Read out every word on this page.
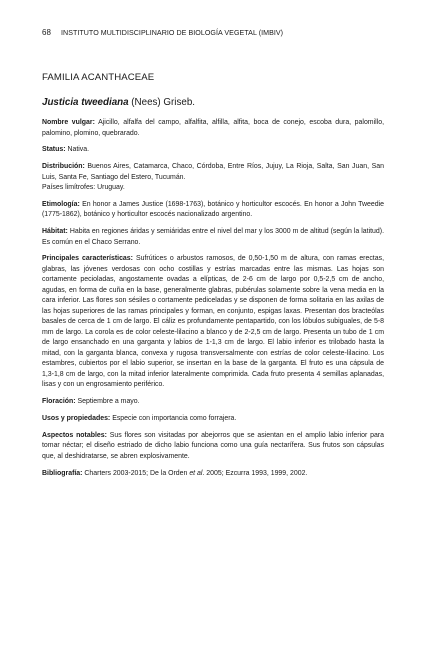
68 INSTITUTO MULTIDISCIPLINARIO DE BIOLOGÍA VEGETAL (IMBIV)
FAMILIA ACANTHACEAE
Justicia tweediana (Nees) Griseb.

Nombre vulgar: Ajicillo, alfalfa del campo, alfalfita, alfilla, alfita, boca de conejo, escoba dura, palomillo, palomino, plomino, quebrarado.

Status: Nativa.

Distribución: Buenos Aires, Catamarca, Chaco, Córdoba, Entre Ríos, Jujuy, La Rioja, Salta, San Juan, San Luis, Santa Fe, Santiago del Estero, Tucumán.
Países limítrofes: Uruguay.

Etimología: En honor a James Justice (1698-1763), botánico y horticultor escocés. En honor a John Tweedie (1775-1862), botánico y horticultor escocés nacionalizado argentino.

Hábitat: Habita en regiones áridas y semiáridas entre el nivel del mar y los 3000 m de altitud (según la latitud). Es común en el Chaco Serrano.

Principales características: Sufrútices o arbustos ramosos, de 0,50-1,50 m de altura, con ramas erectas, glabras, las jóvenes verdosas con ocho costillas y estrías marcadas entre las mismas. Las hojas son cortamente pecioladas, angostamente ovadas a elípticas, de 2-6 cm de largo por 0,5-2,5 cm de ancho, agudas, en forma de cuña en la base, generalmente glabras, pubérulas solamente sobre la vena media en la cara inferior. Las flores son sésiles o cortamente pediceladas y se disponen de forma solitaria en las axilas de las hojas superiores de las ramas principales y forman, en conjunto, espigas laxas. Presentan dos bracteólas basales de cerca de 1 cm de largo. El cáliz es profundamente pentapartido, con los lóbulos subiguales, de 5-8 mm de largo. La corola es de color celeste-lilacino a blanco y de 2-2,5 cm de largo. Presenta un tubo de 1 cm de largo ensanchado en una garganta y labios de 1-1,3 cm de largo. El labio inferior es trilobado hasta la mitad, con la garganta blanca, convexa y rugosa transversalmente con estrías de color celeste-lilacino. Los estambres, cubiertos por el labio superior, se insertan en la base de la garganta. El fruto es una cápsula de 1,3-1,8 cm de largo, con la mitad inferior lateralmente comprimida. Cada fruto presenta 4 semillas aplanadas, lisas y con un engrosamiento periférico.

Floración: Septiembre a mayo.

Usos y propiedades: Especie con importancia como forrajera.

Aspectos notables: Sus flores son visitadas por abejorros que se asientan en el amplio labio inferior para tomar néctar; el diseño estriado de dicho labio funciona como una guía nectarífera. Sus frutos son cápsulas que, al deshidratarse, se abren explosivamente.

Bibliografía: Charters 2003-2015; De la Orden et al. 2005; Ezcurra 1993, 1999, 2002.
